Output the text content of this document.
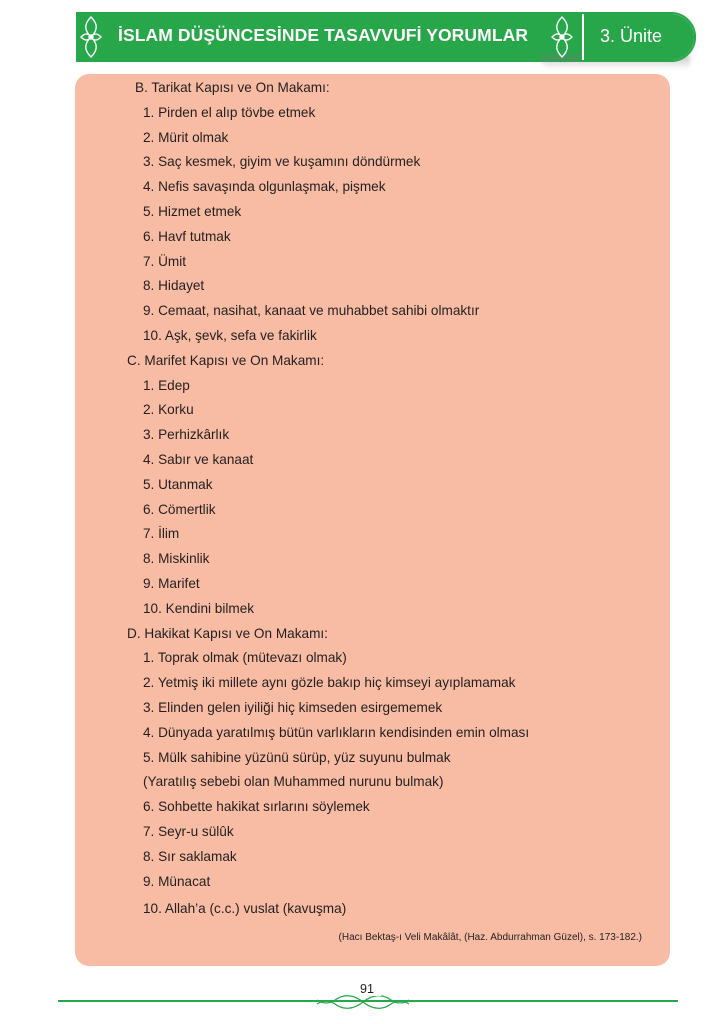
İSLAM DÜŞÜNCESİNDE TASAVVUFİ YORUMLAR	3. Ünite
B. Tarikat Kapısı ve On Makamı:
1. Pirden el alıp tövbe etmek
2. Mürit olmak
3. Saç kesmek, giyim ve kuşamını döndürmek
4. Nefis savaşında olgunlaşmak, pişmek
5. Hizmet etmek
6. Havf tutmak
7. Ümit
8. Hidayet
9. Cemaat, nasihat, kanaat ve muhabbet sahibi olmaktır
10. Aşk, şevk, sefa ve fakirlik
C. Marifet Kapısı ve On Makamı:
1. Edep
2. Korku
3. Perhizkârlık
4. Sabır ve kanaat
5. Utanmak
6. Cömertlik
7. İlim
8. Miskinlik
9. Marifet
10. Kendini bilmek
D. Hakikat Kapısı ve On Makamı:
1. Toprak olmak (mütevazı olmak)
2. Yetmiş iki millete aynı gözle bakıp hiç kimseyi ayıplamamak
3. Elinden gelen iyiliği hiç kimseden esirgememek
4. Dünyada yaratılmış bütün varlıkların kendisinden emin olması
5. Mülk sahibine yüzünü sürüp, yüz suyunu bulmak
(Yaratılış sebebi olan Muhammed nurunu bulmak)
6. Sohbette hakikat sırlarını söylemek
7. Seyr-u sülûk
8. Sır saklamak
9. Münacat
10. Allah’a (c.c.) vuslat (kavuşma)
(Hacı Bektaş-ı Veli Makâlât, (Haz. Abdurrahman Güzel), s. 173-182.)
91
